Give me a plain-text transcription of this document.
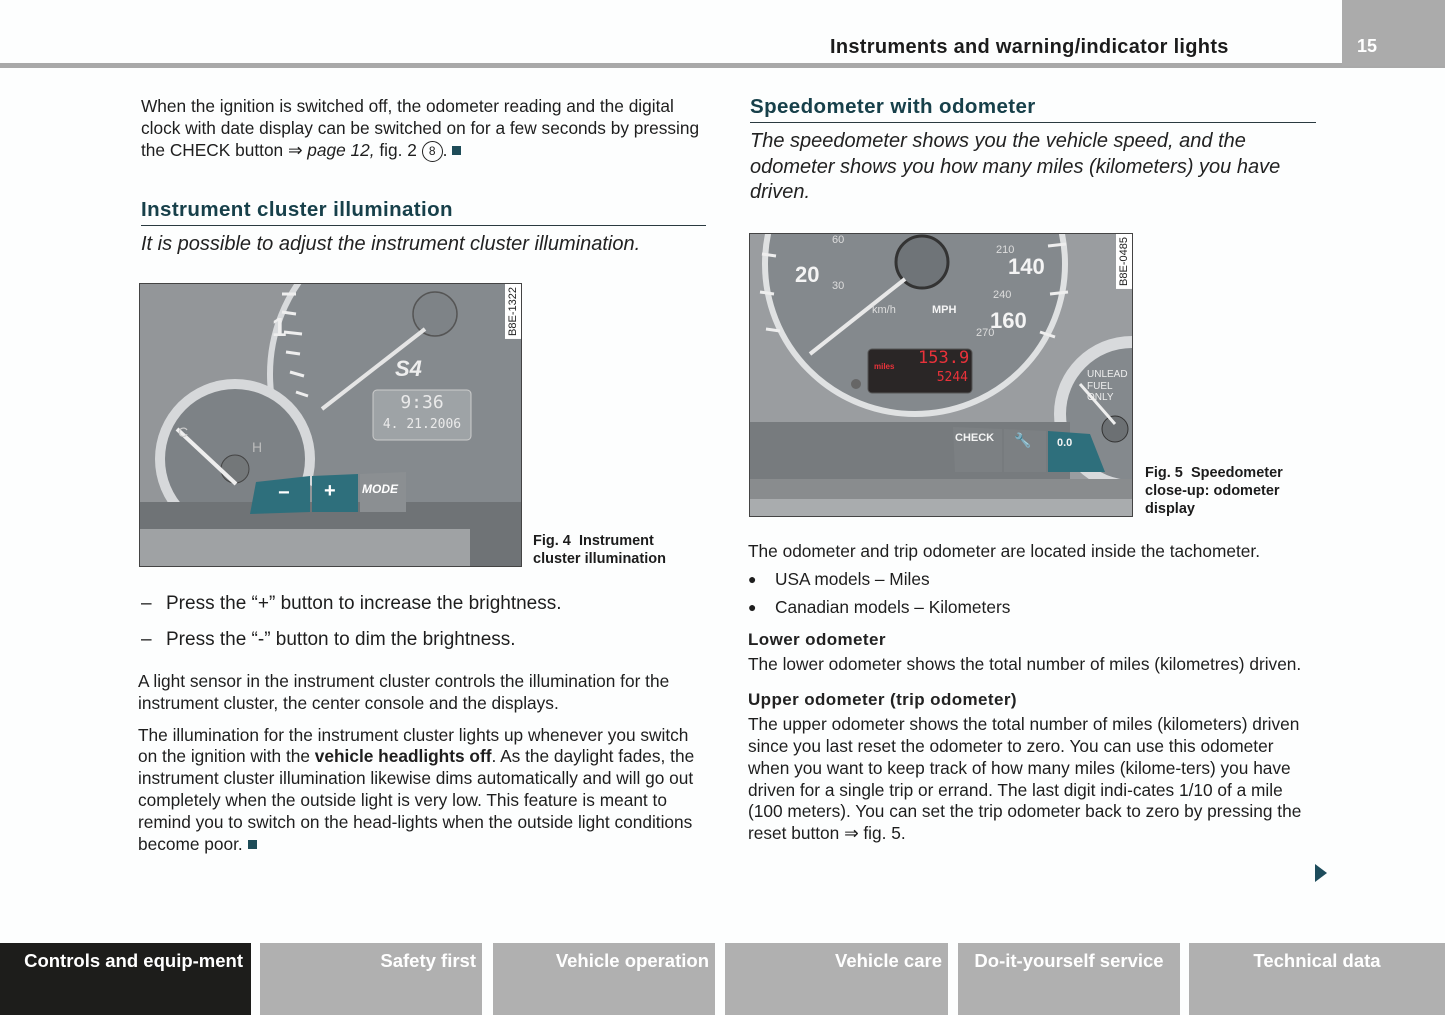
Instruments and warning/indicator lights	15

When the ignition is switched off, the odometer reading and the digital clock with date display can be switched on for a few seconds by pressing the CHECK button ⇒ page 12, fig. 2 8 .

Instrument cluster illumination
It is possible to adjust the instrument cluster illumination.
1
S4
9:36
4. 21.2006
H
C
− + MODE
B8E-1322
Fig. 4 Instrument cluster illumination
– Press the “+” button to increase the brightness.
– Press the “-” button to dim the brightness.

A light sensor in the instrument cluster controls the illumination for the instrument cluster, the center console and the displays.

The illumination for the instrument cluster lights up whenever you switch on the ignition with the vehicle headlights off. As the daylight fades, the instrument cluster illumination likewise dims automatically and will go out completely when the outside light is very low. This feature is meant to remind you to switch on the head-lights when the outside light conditions become poor.

Speedometer with odometer
The speedometer shows you the vehicle speed, and the odometer shows you how many miles (kilometers) you have driven.
20	140
160
60
30
210
240
270
km/h	MPH
miles 153.9
5244
CHECK 🔧 0.0
UNLEAD
FUEL ONLY
B8E-0485
Fig. 5 Speedometer close-up: odometer display

The odometer and trip odometer are located inside the tachometer.

●	USA models – Miles
●	Canadian models – Kilometers
Lower odometer

The lower odometer shows the total number of miles (kilometres) driven.

Upper odometer (trip odometer)

The upper odometer shows the total number of miles (kilometers) driven since you last reset the odometer to zero. You can use this odometer when you want to keep track of how many miles (kilome-ters) you have driven for a single trip or errand. The last digit indi-cates 1/10 of a mile (100 meters). You can set the trip odometer back to zero by pressing the reset button ⇒ fig. 5.

Controls and equip-ment	Safety first	Vehicle operation	Vehicle care	Do-it-yourself service	Technical data
